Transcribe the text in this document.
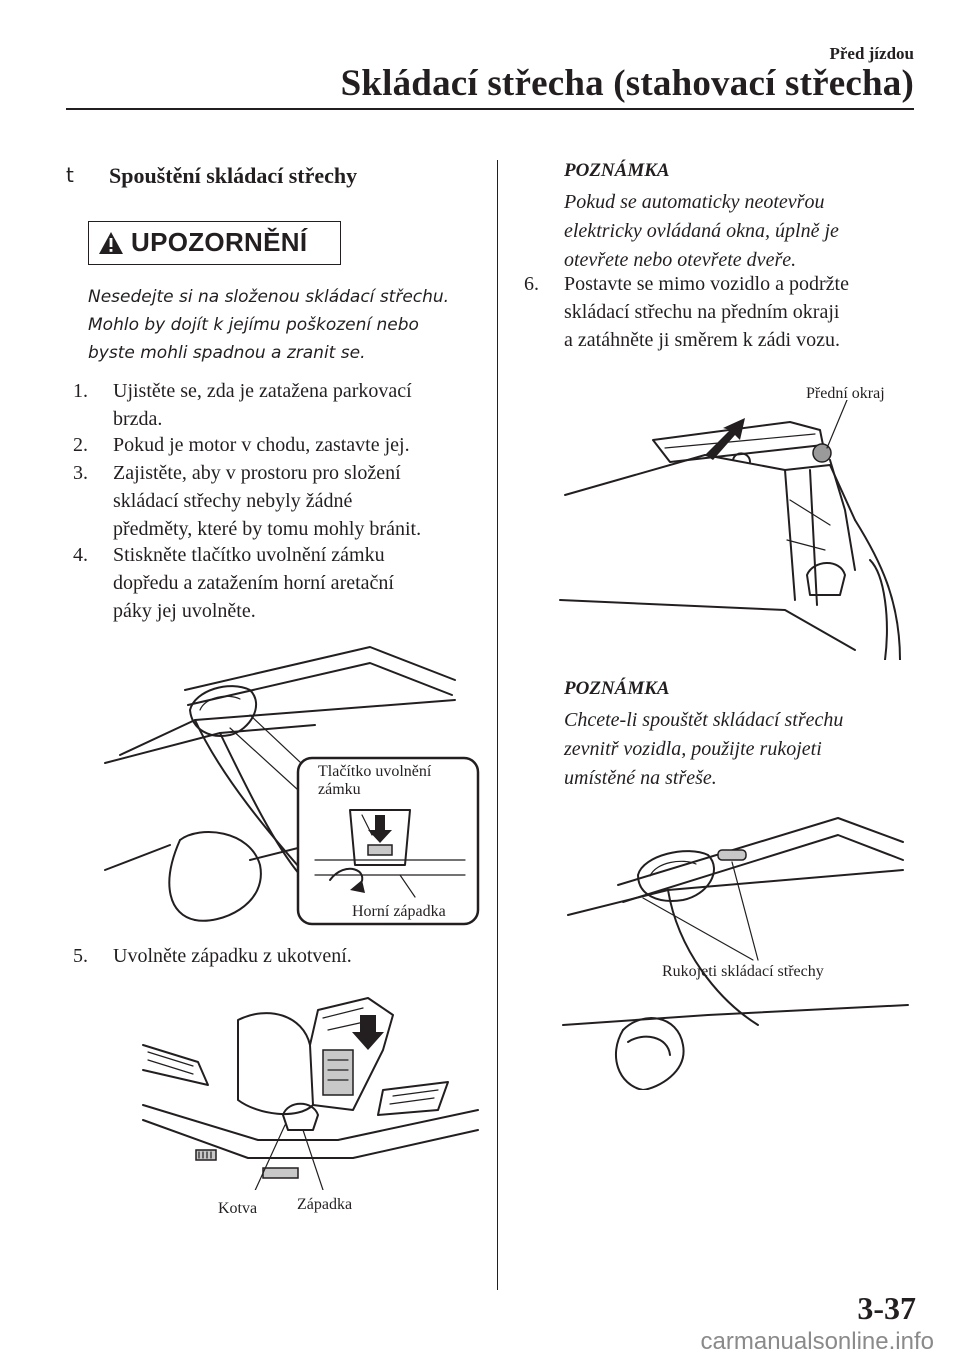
Před jízdou
Skládací střecha (stahovací střecha)
t Spouštění skládací střechy
UPOZORNĚNÍ
Nesedejte si na složenou skládací střechu.
Mohlo by dojít k jejímu poškození nebo
byste mohli spadnou a zranit se.
1. Ujistěte se, zda je zatažena parkovací
brzda.
2. Pokud je motor v chodu, zastavte jej.
3. Zajistěte, aby v prostoru pro složení
skládací střechy nebyly žádné
předměty, které by tomu mohly bránit.
4. Stiskněte tlačítko uvolnění zámku
dopředu a zatažením horní aretační
páky jej uvolněte.
Tlačítko uvolnění
zámku
Horní západka
5. Uvolněte západku z ukotvení.
Kotva Západka
POZNÁMKA
Pokud se automaticky neotevřou
elektricky ovládaná okna, úplně je
otevřete nebo otevřete dveře.
6. Postavte se mimo vozidlo a podržte
skládací střechu na předním okraji
a zatáhněte ji směrem k zádi vozu.
Přední okraj
POZNÁMKA
Chcete-li spouštět skládací střechu
zevnitř vozidla, použijte rukojeti
umístěné na střeše.
Rukojeti skládací střechy
3-37
carmanualsonline.info
